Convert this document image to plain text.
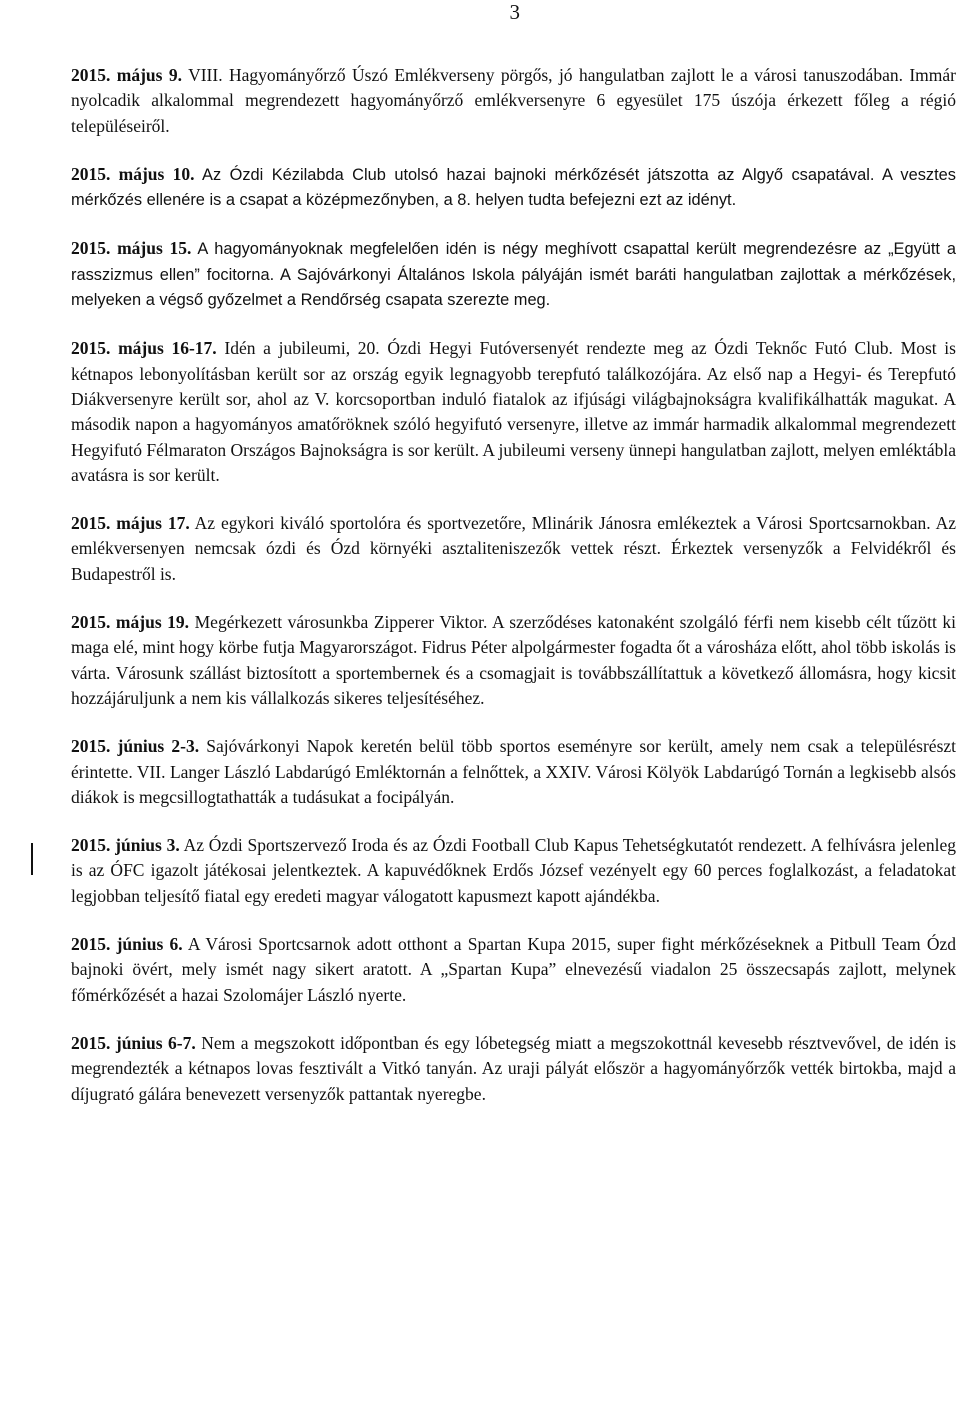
3

2015. május 9. VIII. Hagyományőrző Úszó Emlékverseny pörgős, jó hangulatban zajlott le a városi tanuszodában. Immár nyolcadik alkalommal megrendezett hagyományőrző emlékversenyre 6 egyesület 175 úszója érkezett főleg a régió településeiről.

2015. május 10. Az Ózdi Kézilabda Club utolsó hazai bajnoki mérkőzését játszotta az Algyő csapatával. A vesztes mérkőzés ellenére is a csapat a középmezőnyben, a 8. helyen tudta befejezni ezt az idényt.

2015. május 15. A hagyományoknak megfelelően idén is négy meghívott csapattal került megrendezésre az „Együtt a rasszizmus ellen” focitorna. A Sajóvárkonyi Általános Iskola pályáján ismét baráti hangulatban zajlottak a mérkőzések, melyeken a végső győzelmet a Rendőrség csapata szerezte meg.

2015. május 16-17. Idén a jubileumi, 20. Ózdi Hegyi Futóversenyét rendezte meg az Ózdi Teknőc Futó Club. Most is kétnapos lebonyolításban került sor az ország egyik legnagyobb terepfutó találkozójára. Az első nap a Hegyi- és Terepfutó Diákversenyre került sor, ahol az V. korcsoportban induló fiatalok az ifjúsági világbajnokságra kvalifikálhatták magukat. A második napon a hagyományos amatőröknek szóló hegyifutó versenyre, illetve az immár harmadik alkalommal megrendezett Hegyifutó Félmaraton Országos Bajnokságra is sor került. A jubileumi verseny ünnepi hangulatban zajlott, melyen emléktábla avatásra is sor került.

2015. május 17. Az egykori kiváló sportolóra és sportvezetőre, Mlinárik Jánosra emlékeztek a Városi Sportcsarnokban. Az emlékversenyen nemcsak ózdi és Ózd környéki asztaliteniszezők vettek részt. Érkeztek versenyzők a Felvidékről és Budapestről is.

2015. május 19. Megérkezett városunkba Zipperer Viktor. A szerződéses katonaként szolgáló férfi nem kisebb célt tűzött ki maga elé, mint hogy körbe futja Magyarországot. Fidrus Péter alpolgármester fogadta őt a városháza előtt, ahol több iskolás is várta. Városunk szállást biztosított a sportembernek és a csomagjait is továbbszállítattuk a következő állomásra, hogy kicsit hozzájáruljunk a nem kis vállalkozás sikeres teljesítéséhez.

2015. június 2-3. Sajóvárkonyi Napok keretén belül több sportos eseményre sor került, amely nem csak a településrészt érintette. VII. Langer László Labdarúgó Emléktornán a felnőttek, a XXIV. Városi Kölyök Labdarúgó Tornán a legkisebb alsós diákok is megcsillogtathatták a tudásukat a focipályán.

2015. június 3. Az Ózdi Sportszervező Iroda és az Ózdi Football Club Kapus Tehetségkutatót rendezett. A felhívásra jelenleg is az ÓFC igazolt játékosai jelentkeztek. A kapuvédőknek Erdős József vezényelt egy 60 perces foglalkozást, a feladatokat legjobban teljesítő fiatal egy eredeti magyar válogatott kapusmezt kapott ajándékba.

2015. június 6. A Városi Sportcsarnok adott otthont a Spartan Kupa 2015, super fight mérkőzéseknek a Pitbull Team Ózd bajnoki övért, mely ismét nagy sikert aratott. A „Spartan Kupa” elnevezésű viadalon 25 összecsapás zajlott, melynek főmérkőzését a hazai Szolomájer László nyerte.

2015. június 6-7. Nem a megszokott időpontban és egy lóbetegség miatt a megszokottnál kevesebb résztvevővel, de idén is megrendezték a kétnapos lovas fesztivált a Vitkó tanyán. Az uraji pályát először a hagyományőrzők vették birtokba, majd a díjugrató gálára benevezett versenyzők pattantak nyeregbe.
